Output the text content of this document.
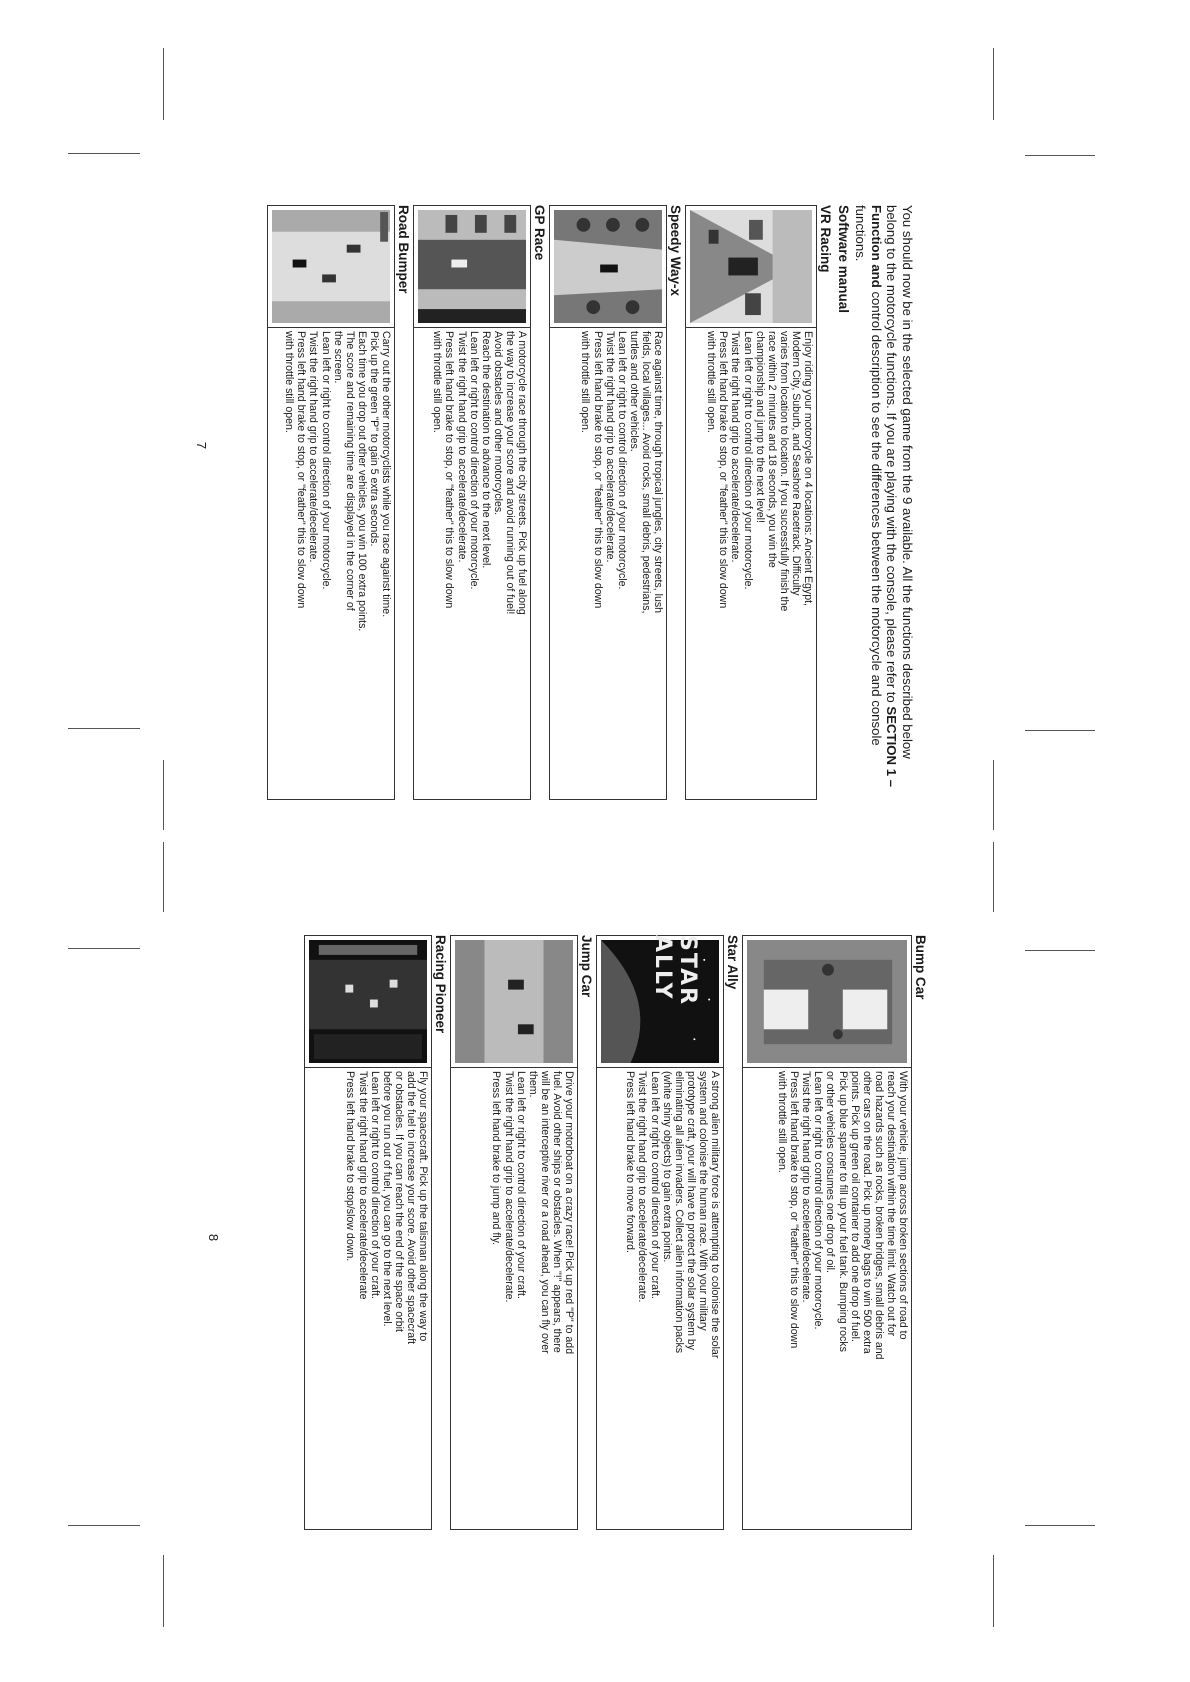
7
8
You should now be in the selected game from the 9 available. All the functions described below belong to the motorcycle functions. If you are playing with the console, please refer to SECTION 1 – Function and control description to see the differences between the motorcycle and console functions.
Software manual
VR Racing

Enjoy riding your motorcycle on 4 locations: Ancient Egypt,

Modern City, Suburb, and Seashore Racetrack. Difficulty

varies from location to location. If you successfully finish the

race within 2 minutes and 18 seconds, you win the

championship and jump to the next level!

Lean left or right to control direction of your motorcycle.

Twist the right hand grip to accelerate/decelerate.

Press left hand brake to stop, or "feather" this to slow down

with throttle still open.

Speedy Way-x

Race against time, through tropical jungles, city streets, lush

fields, local villages... Avoid rocks, small debris, pedestrians,

turtles and other vehicles.

Lean left or right to control direction of your motorcycle.

Twist the right hand grip to accelerate/decelerate.

Press left hand brake to stop, or "feather" this to slow down

with throttle still open.

GP Race

A motorcycle race through the city streets. Pick up fuel along

the way to increase your score and avoid running out of fuel!

Avoid obstacles and other motorcycles.

Reach the destination to advance to the next level.

Lean left or right to control direction of your motorcycle.

Twist the right hand grip to accelerate/decelerate.

Press left hand brake to stop, or "feather" this to slow down

with throttle still open.

Road Bumper

Carry out the other motorcyclists while you race against time.

Pick up the green "P" to gain 5 extra seconds.

Each time you drop out other vehicles, you win 100 extra points.

The score and remaining time are displayed in the corner of

the screen.

Lean left or right to control direction of your motorcycle.

Twist the right hand grip to accelerate/decelerate.

Press left hand brake to stop, or "feather" this to slow down

with throttle still open.

Bump Car

With your vehicle, jump across broken sections of road to

reach your destination within the time limit. Watch out for

road hazards such as rocks, broken bridges, small debris and

other cars on the road. Pick up money bags to win 500 extra

points. Pick up green oil container to add one drop of fuel.

Pick up blue spanner to fill up your fuel tank. Bumping rocks

or other vehicles consumes one drop of oil.

Lean left or right to control direction of your motorcycle.

Twist the right hand grip to accelerate/decelerate.

Press left hand brake to stop, or "feather" this to slow down

with throttle still open.

Star Ally
STAR ALLY

A strong alien military force is attempting to colonise the solar

system and colonise the human race. With your military

prototype craft, your will have to protect the solar system by

eliminating all alien invaders. Collect alien information packs

(white shiny objects) to gain extra points.

Lean left or right to control direction of your craft.

Twist the right hand grip to accelerate/decelerate.

Press left hand brake to move forward.

Jump Car

Drive your motorboat on a crazy race! Pick up red "P" to add

fuel. Avoid other ships or obstacles. When "!" appears, there

will be an interceptive river or a road ahead, you can fly over

them.

Lean left or right to control direction of your craft.

Twist the right hand grip to accelerate/decelerate.

Press left hand brake to jump and fly.

Racing Pioneer

Fly your spacecraft. Pick up the talisman along the way to

add the fuel to increase your score. Avoid other spacecraft

or obstacles. If you can reach the end of the space orbit

before you run out of fuel, you can go to the next level.

Lean left or right to control direction of your craft.

Twist the right hand grip to accelerate/decelerate

Press left hand brake to stop/slow down.
